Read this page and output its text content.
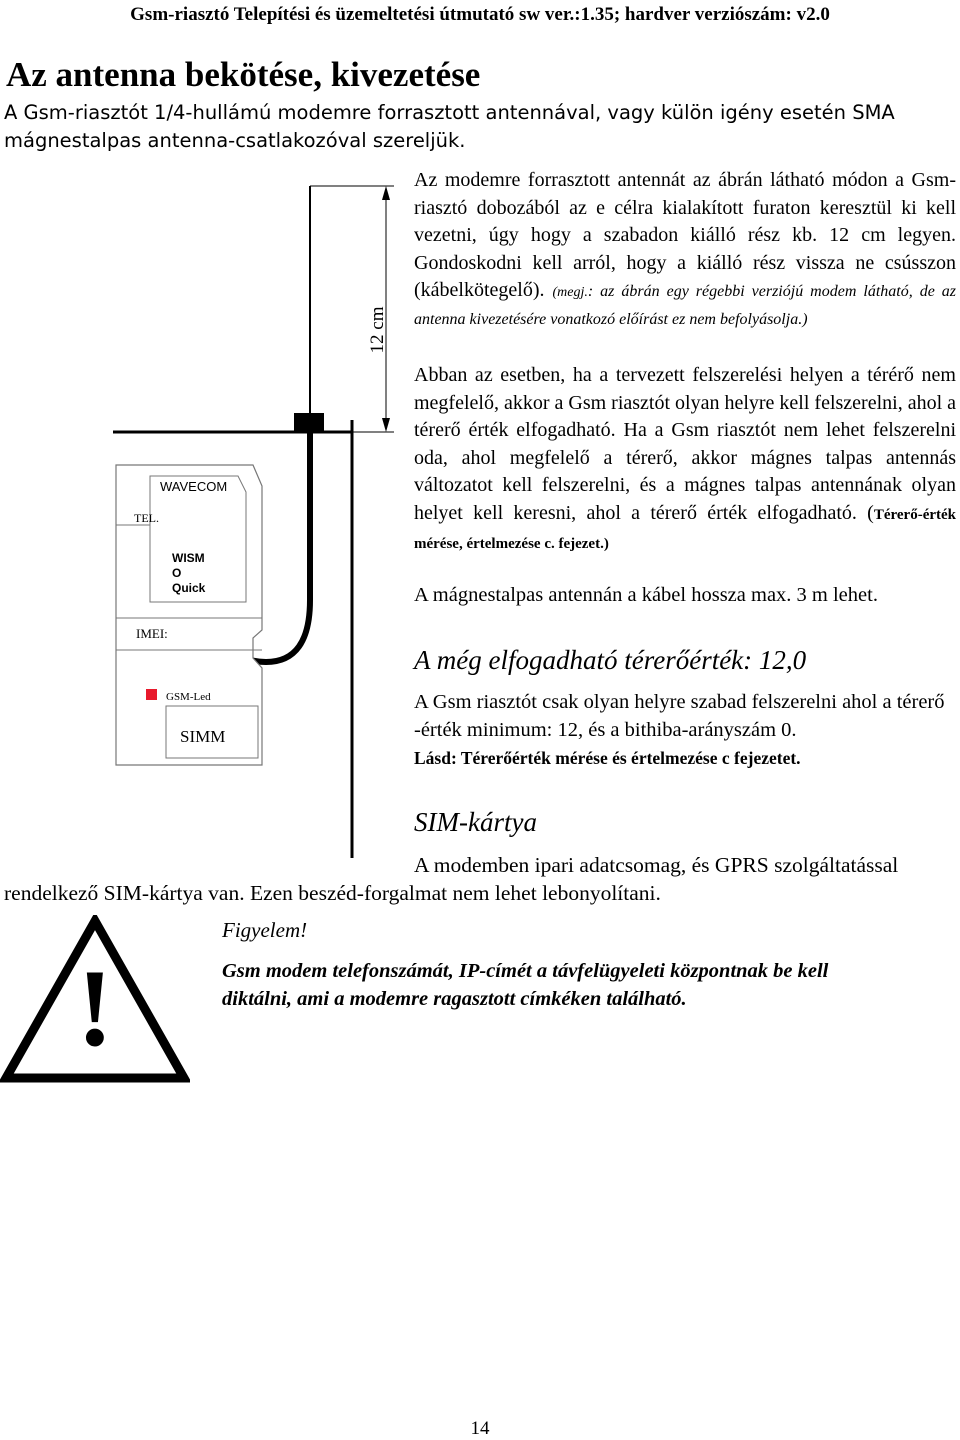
Gsm-riasztó Telepítési és üzemeltetési útmutató sw ver.:1.35; hardver verziószám: v2.0
Az antenna bekötése, kivezetése
A Gsm-riasztót 1/4-hullámú modemre forrasztott antennával, vagy külön igény esetén SMA
mágnestalpas antenna-csatlakozóval szereljük.
12 cm
WAVECOM
TEL.
WISM
O
Quick
IMEI:
GSM-Led
SIMM
Az modemre forrasztott antennát az ábrán látható módon a Gsm-riasztó dobozából az e célra kialakított furaton keresztül ki kell vezetni, úgy hogy a szabadon kiálló rész kb. 12 cm legyen. Gondoskodni kell arról, hogy a kiálló rész vissza ne csússzon (kábelkötegelő). (megj.: az ábrán egy régebbi verziójú modem látható, de az antenna kivezetésére vonatkozó előírást ez nem befolyásolja.)
Abban az esetben, ha a tervezett felszerelési helyen a térérő nem megfelelő, akkor a Gsm riasztót olyan helyre kell felszerelni, ahol a térerő érték elfogadható. Ha a Gsm riasztót nem lehet felszerelni oda, ahol megfelelő a térerő, akkor mágnes talpas antennás változatot kell felszerelni, és a mágnes talpas antennának olyan helyet kell keresni, ahol a térerő érték elfogadható. (Térerő-érték mérése, értelmezése c. fejezet.)
A mágnestalpas antennán a kábel hossza max. 3 m lehet.
A még elfogadható térerőérték: 12,0
A Gsm riasztót csak olyan helyre szabad felszerelni ahol a térerő -érték minimum: 12, és a bithiba-arányszám 0.
Lásd: Térerőérték mérése és értelmezése c fejezetet.
SIM-kártya
A modemben ipari adatcsomag, és GPRS szolgáltatással
rendelkező SIM-kártya van. Ezen beszéd-forgalmat nem lehet lebonyolítani.
!
Figyelem!
Gsm modem telefonszámát, IP-címét a távfelügyeleti központnak be kell
diktálni, ami a modemre ragasztott címkéken található.
14
